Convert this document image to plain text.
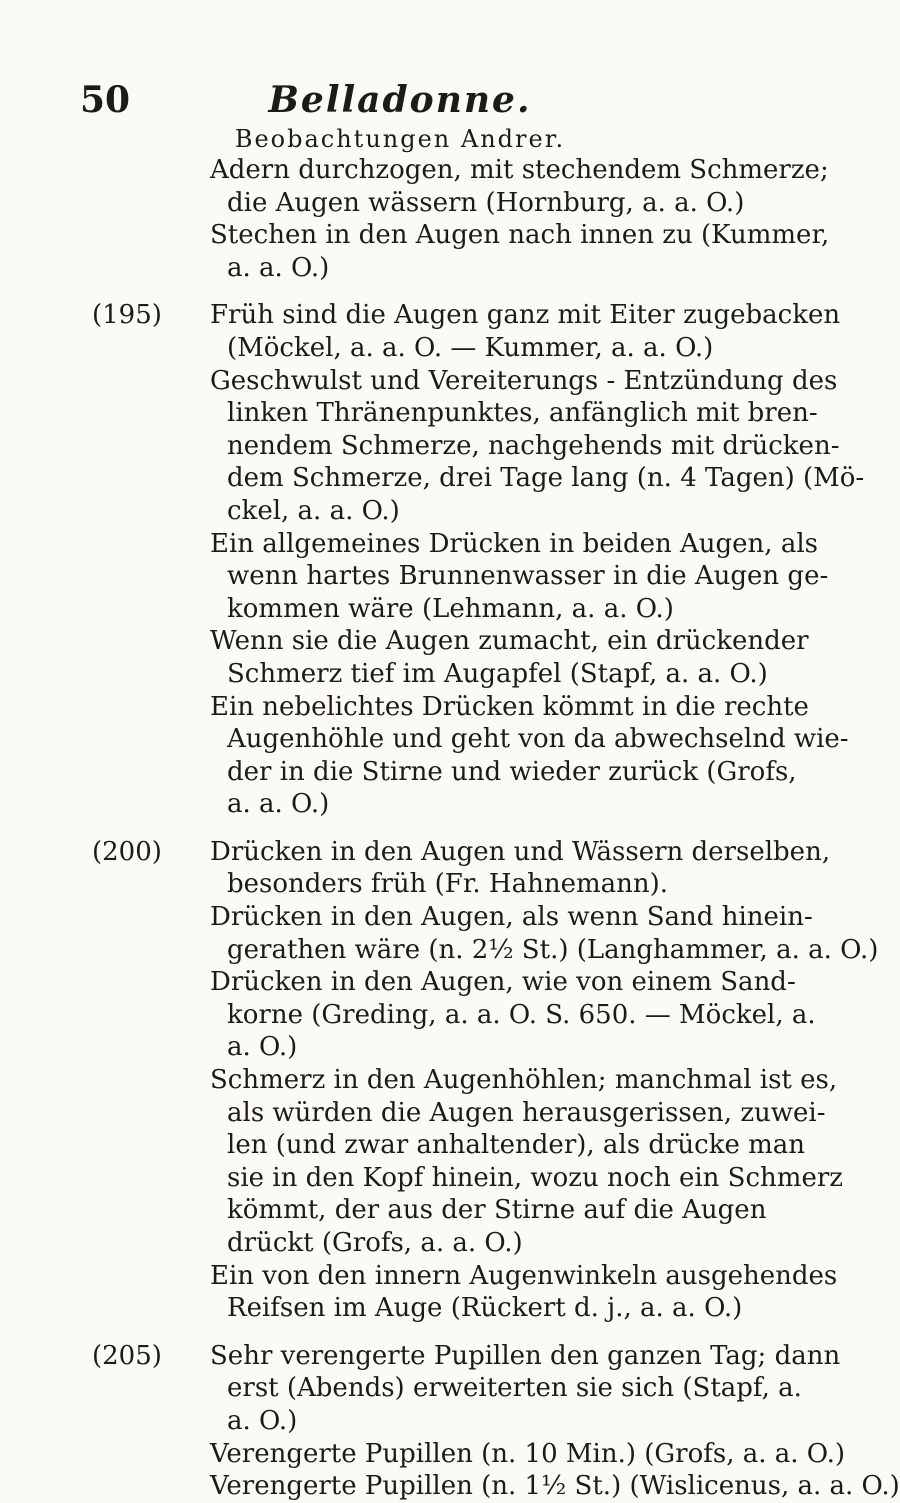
50	Belladonne.
Beobachtungen Andrer.
Adern durchzogen, mit stechendem Schmerze;
die Augen wässern (Hornburg, a. a. O.)
Stechen in den Augen nach innen zu (Kummer,
a. a. O.)
(195)	Früh sind die Augen ganz mit Eiter zugebacken
(Möckel, a. a. O. — Kummer, a. a. O.)
Geschwulst und Vereiterungs - Entzündung des
linken Thränenpunktes, anfänglich mit bren-
nendem Schmerze, nachgehends mit drücken-
dem Schmerze, drei Tage lang (n. 4 Tagen) (Mö-
ckel, a. a. O.)
Ein allgemeines Drücken in beiden Augen, als
wenn hartes Brunnenwasser in die Augen ge-
kommen wäre (Lehmann, a. a. O.)
Wenn sie die Augen zumacht, ein drückender
Schmerz tief im Augapfel (Stapf, a. a. O.)
Ein nebelichtes Drücken kömmt in die rechte
Augenhöhle und geht von da abwechselnd wie-
der in die Stirne und wieder zurück (Grofs,
a. a. O.)
(200)	Drücken in den Augen und Wässern derselben,
besonders früh (Fr. Hahnemann).
Drücken in den Augen, als wenn Sand hinein-
gerathen wäre (n. 2½ St.) (Langhammer, a. a. O.)
Drücken in den Augen, wie von einem Sand-
korne (Greding, a. a. O. S. 650. — Möckel, a.
a. O.)
Schmerz in den Augenhöhlen; manchmal ist es,
als würden die Augen herausgerissen, zuwei-
len (und zwar anhaltender), als drücke man
sie in den Kopf hinein, wozu noch ein Schmerz
kömmt, der aus der Stirne auf die Augen
drückt (Grofs, a. a. O.)
Ein von den innern Augenwinkeln ausgehendes
Reifsen im Auge (Rückert d. j., a. a. O.)
(205)	Sehr verengerte Pupillen den ganzen Tag; dann
erst (Abends) erweiterten sie sich (Stapf, a.
a. O.)
Verengerte Pupillen (n. 10 Min.) (Grofs, a. a. O.)
Verengerte Pupillen (n. 1½ St.) (Wislicenus, a. a. O.)
